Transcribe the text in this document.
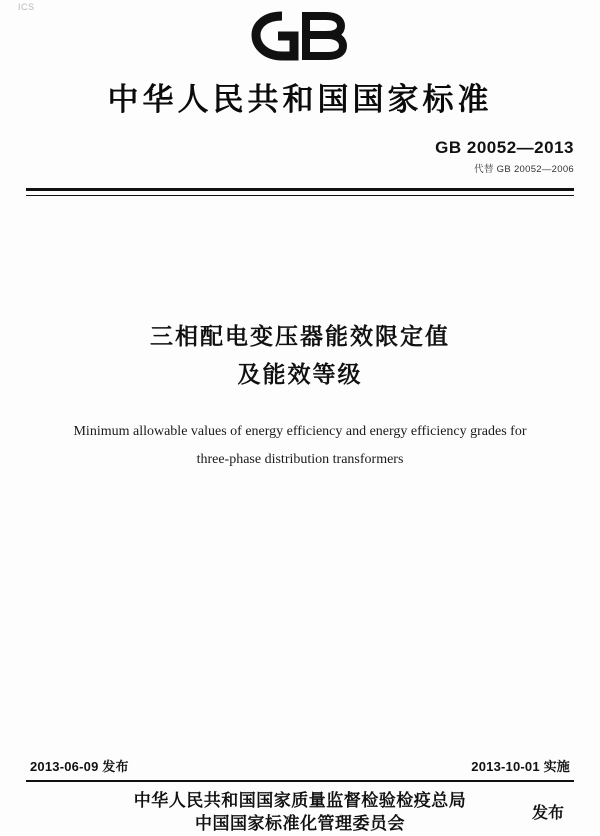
ICS
中华人民共和国国家标准
GB 20052—2013
代替 GB 20052—2006
三相配电变压器能效限定值
及能效等级
Minimum allowable values of energy efficiency and energy efficiency grades for
three-phase distribution transformers
2013-06-09 发布	2013-10-01 实施
中华人民共和国国家质量监督检验检疫总局
中国国家标准化管理委员会
发布
